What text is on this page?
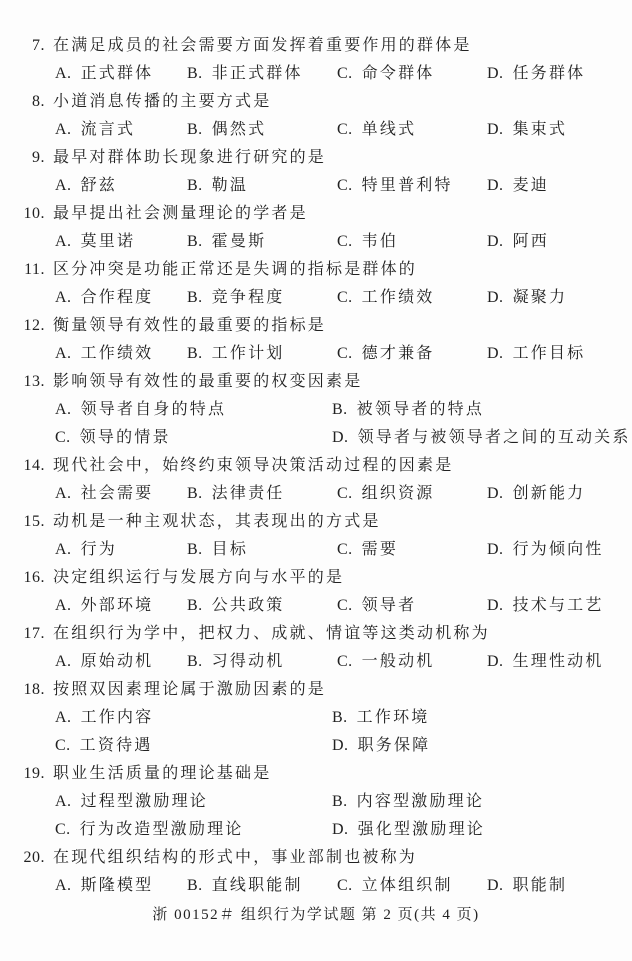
7. 在满足成员的社会需要方面发挥着重要作用的群体是
A. 正式群体 B. 非正式群体 C. 命令群体	D. 任务群体
8. 小道消息传播的主要方式是
A. 流言式	B. 偶然式	C. 单线式	D. 集束式
9. 最早对群体助长现象进行研究的是
A. 舒兹	B. 勒温	C. 特里普利特 D. 麦迪
10. 最早提出社会测量理论的学者是
A. 莫里诺	B. 霍曼斯	C. 韦伯	D. 阿西
11. 区分冲突是功能正常还是失调的指标是群体的
A. 合作程度 B. 竞争程度	C. 工作绩效	D. 凝聚力
12. 衡量领导有效性的最重要的指标是
A. 工作绩效 B. 工作计划	C. 德才兼备	D. 工作目标
13. 影响领导有效性的最重要的权变因素是
A. 领导者自身的特点	B. 被领导者的特点
C. 领导的情景	D. 领导者与被领导者之间的互动关系
14. 现代社会中，始终约束领导决策活动过程的因素是
A. 社会需要 B. 法律责任	C. 组织资源	D. 创新能力
15. 动机是一种主观状态，其表现出的方式是
A. 行为	B. 目标	C. 需要	D. 行为倾向性
16. 决定组织运行与发展方向与水平的是
A. 外部环境 B. 公共政策	C. 领导者	D. 技术与工艺
17. 在组织行为学中，把权力、成就、情谊等这类动机称为
A. 原始动机 B. 习得动机	C. 一般动机	D. 生理性动机
18. 按照双因素理论属于激励因素的是
A. 工作内容	B. 工作环境
C. 工资待遇	D. 职务保障
19. 职业生活质量的理论基础是
A. 过程型激励理论	B. 内容型激励理论
C. 行为改造型激励理论	D. 强化型激励理论
20. 在现代组织结构的形式中，事业部制也被称为
A. 斯隆模型 B. 直线职能制 C. 立体组织制 D. 职能制
浙 00152＃ 组织行为学试题 第 2 页(共 4 页)
